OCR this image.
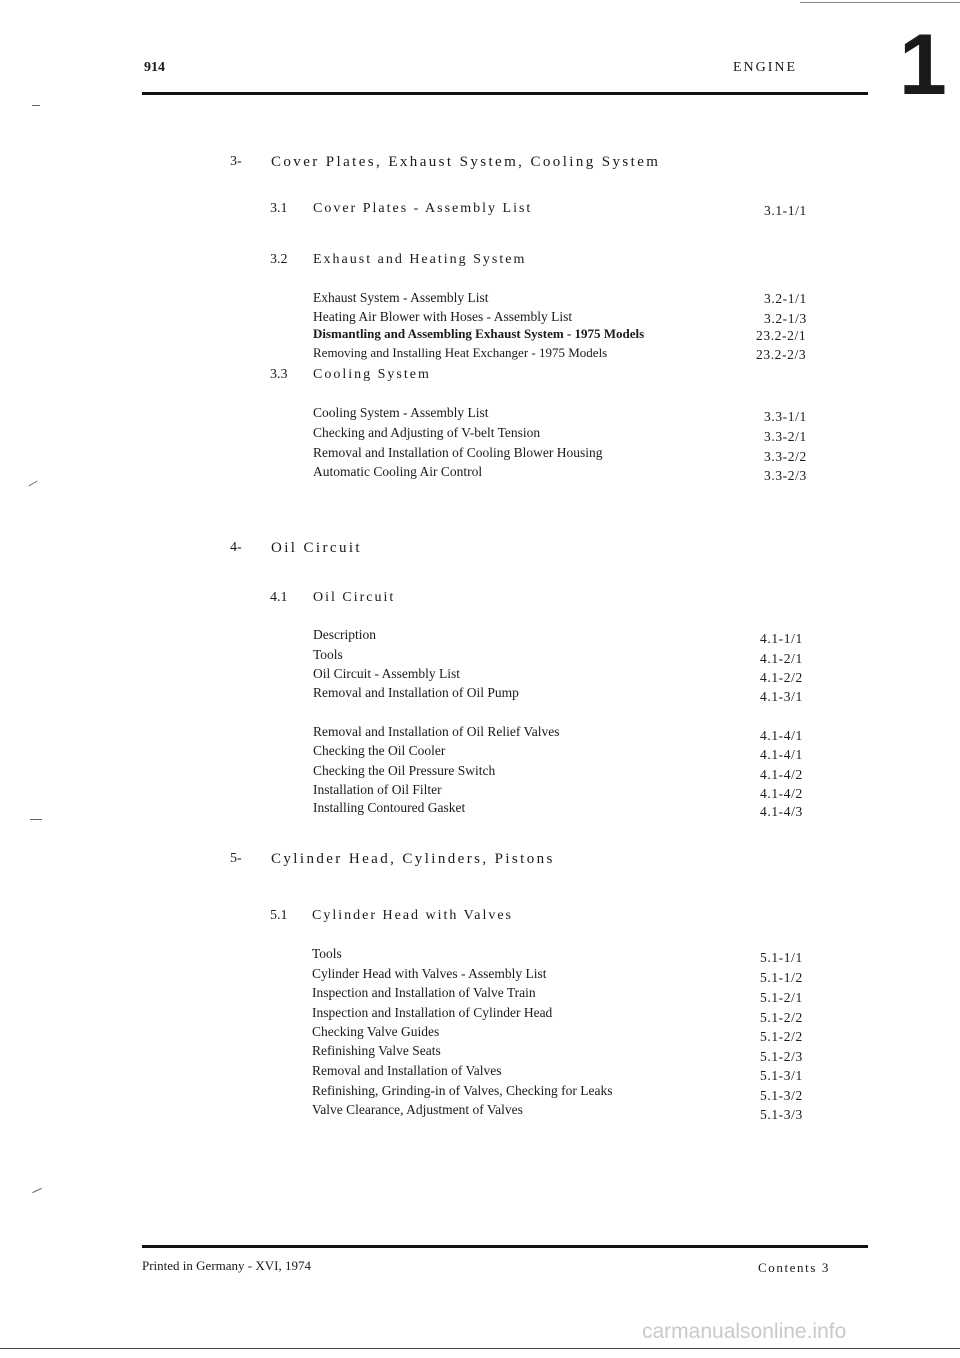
914	ENGINE 1
3- Cover Plates, Exhaust System, Cooling System
3.1 Cover Plates - Assembly List	3.1-1/1
3.2 Exhaust and Heating System
Exhaust System - Assembly List	3.2-1/1
Heating Air Blower with Hoses - Assembly List	3.2-1/3
Dismantling and Assembling Exhaust System - 1975 Models	23.2-2/1
Removing and Installing Heat Exchanger - 1975 Models	23.2-2/3
3.3 Cooling System
Cooling System - Assembly List	3.3-1/1
Checking and Adjusting of V-belt Tension	3.3-2/1
Removal and Installation of Cooling Blower Housing	3.3-2/2
Automatic Cooling Air Control	3.3-2/3
4- Oil Circuit
4.1 Oil Circuit
Description	4.1-1/1
Tools	4.1-2/1
Oil Circuit - Assembly List	4.1-2/2
Removal and Installation of Oil Pump	4.1-3/1
Removal and Installation of Oil Relief Valves	4.1-4/1
Checking the Oil Cooler	4.1-4/1
Checking the Oil Pressure Switch	4.1-4/2
Installation of Oil Filter	4.1-4/2
Installing Contoured Gasket	4.1-4/3
5- Cylinder Head, Cylinders, Pistons
5.1 Cylinder Head with Valves
Tools	5.1-1/1
Cylinder Head with Valves - Assembly List	5.1-1/2
Inspection and Installation of Valve Train	5.1-2/1
Inspection and Installation of Cylinder Head	5.1-2/2
Checking Valve Guides	5.1-2/2
Refinishing Valve Seats	5.1-2/3
Removal and Installation of Valves	5.1-3/1
Refinishing, Grinding-in of Valves, Checking for Leaks	5.1-3/2
Valve Clearance, Adjustment of Valves	5.1-3/3
Printed in Germany - XVI, 1974	Contents 3
carmanualsonline.info
